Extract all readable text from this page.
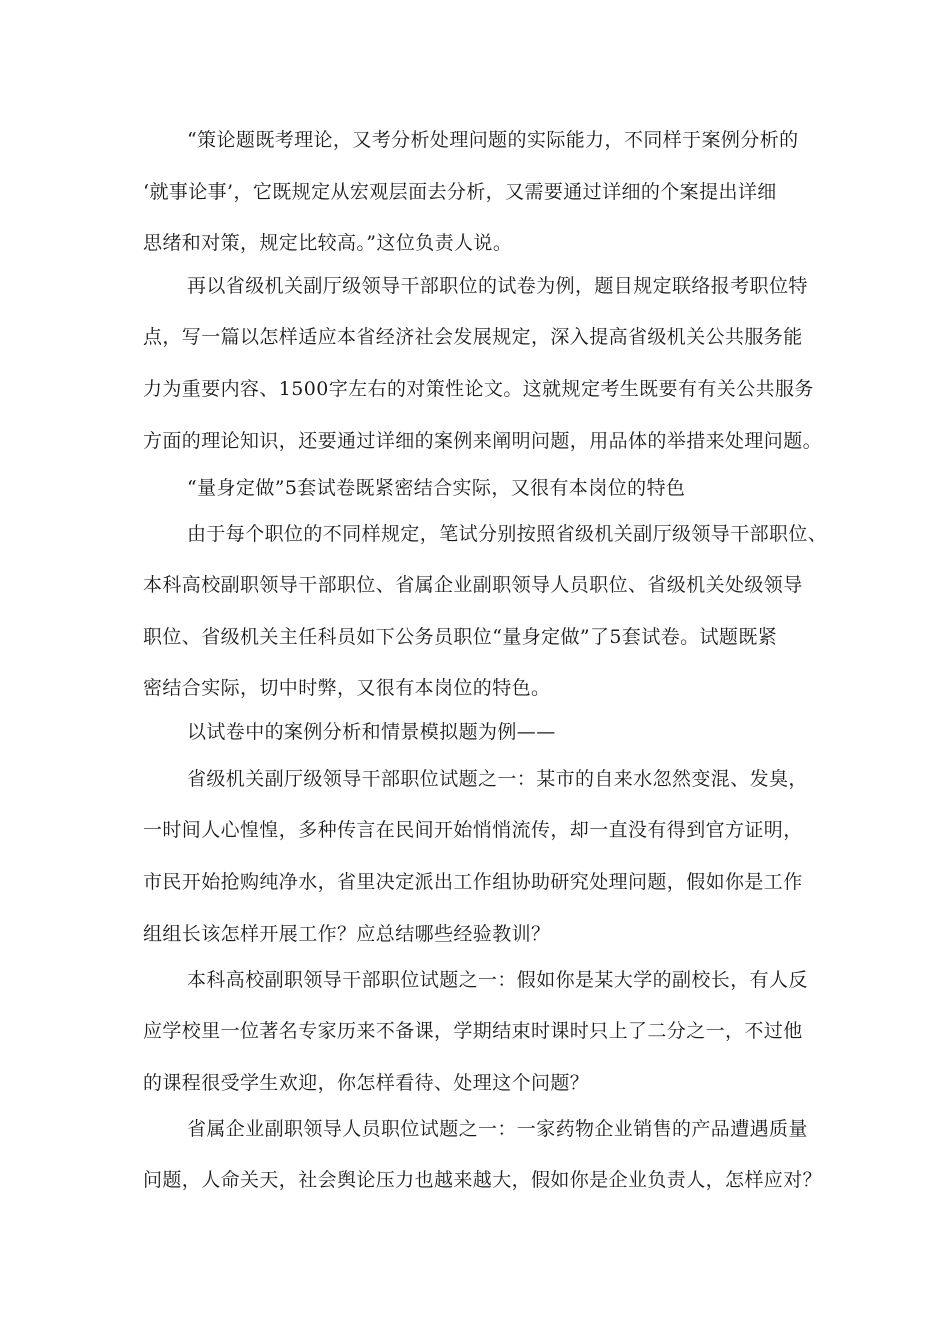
“策论题既考理论，又考分析处理问题的实际能力，不同样于案例分析的
‘就事论事’，它既规定从宏观层面去分析，又需要通过详细的个案提出详细
思绪和对策，规定比较高。”这位负责人说。
再以省级机关副厅级领导干部职位的试卷为例，题目规定联络报考职位特
点，写一篇以怎样适应本省经济社会发展规定，深入提高省级机关公共服务能
力为重要内容、1500字左右的对策性论文。这就规定考生既要有有关公共服务
方面的理论知识，还要通过详细的案例来阐明问题，用品体的举措来处理问题。
“量身定做”5套试卷既紧密结合实际，又很有本岗位的特色
由于每个职位的不同样规定，笔试分别按照省级机关副厅级领导干部职位、
本科高校副职领导干部职位、省属企业副职领导人员职位、省级机关处级领导
职位、省级机关主任科员如下公务员职位“量身定做”了5套试卷。试题既紧
密结合实际，切中时弊，又很有本岗位的特色。
以试卷中的案例分析和情景模拟题为例——
省级机关副厅级领导干部职位试题之一：某市的自来水忽然变混、发臭，
一时间人心惶惶，多种传言在民间开始悄悄流传，却一直没有得到官方证明，
市民开始抢购纯净水，省里决定派出工作组协助研究处理问题，假如你是工作
组组长该怎样开展工作？应总结哪些经验教训？
本科高校副职领导干部职位试题之一：假如你是某大学的副校长，有人反
应学校里一位著名专家历来不备课，学期结束时课时只上了二分之一，不过他
的课程很受学生欢迎，你怎样看待、处理这个问题？
省属企业副职领导人员职位试题之一：一家药物企业销售的产品遭遇质量
问题，人命关天，社会舆论压力也越来越大，假如你是企业负责人，怎样应对？
